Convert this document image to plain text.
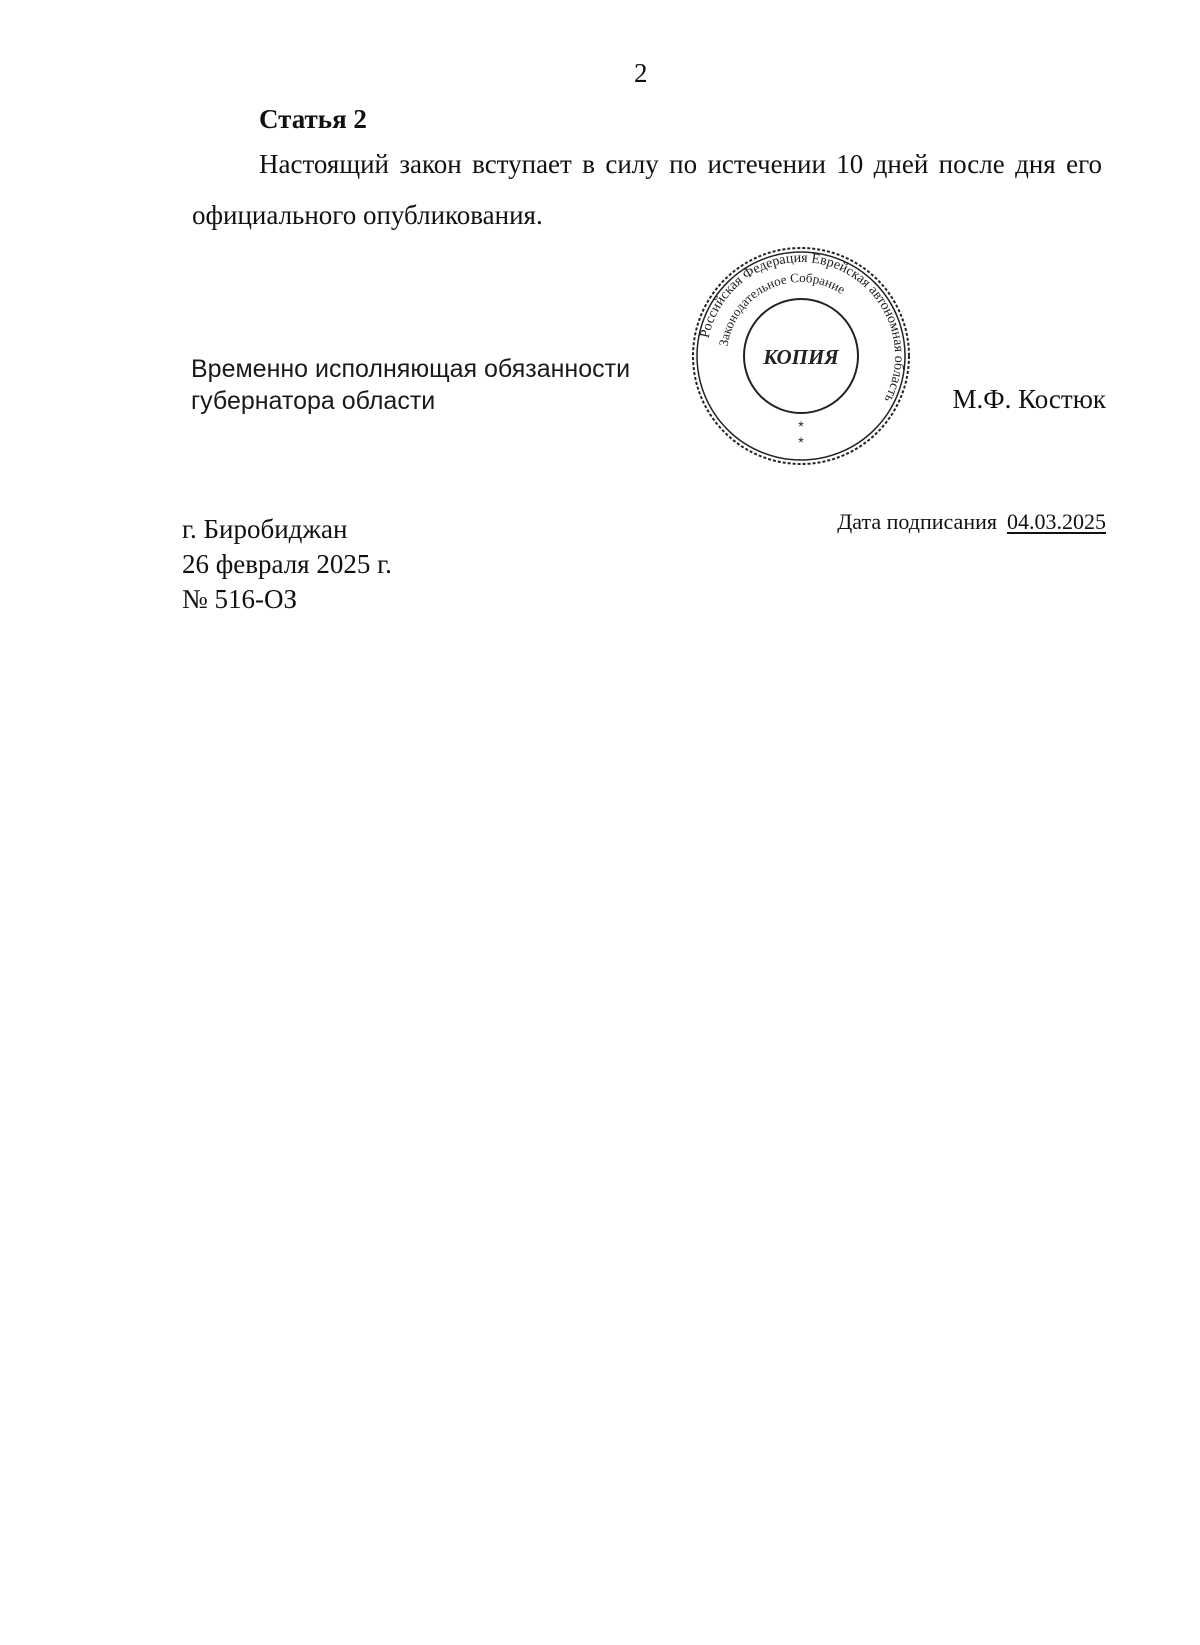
2
Статья 2
Настоящий закон вступает в силу по истечении 10 дней после дня его
официального опубликования.
Временно исполняющая обязанности
губернатора области
Российская Федерация Еврейская автономная область
Законодательное Собрание
КОПИЯ
*
*
М.Ф. Костюк
г. Биробиджан
26 февраля 2025 г.
№ 516-ОЗ
Дата подписания 04.03.2025
